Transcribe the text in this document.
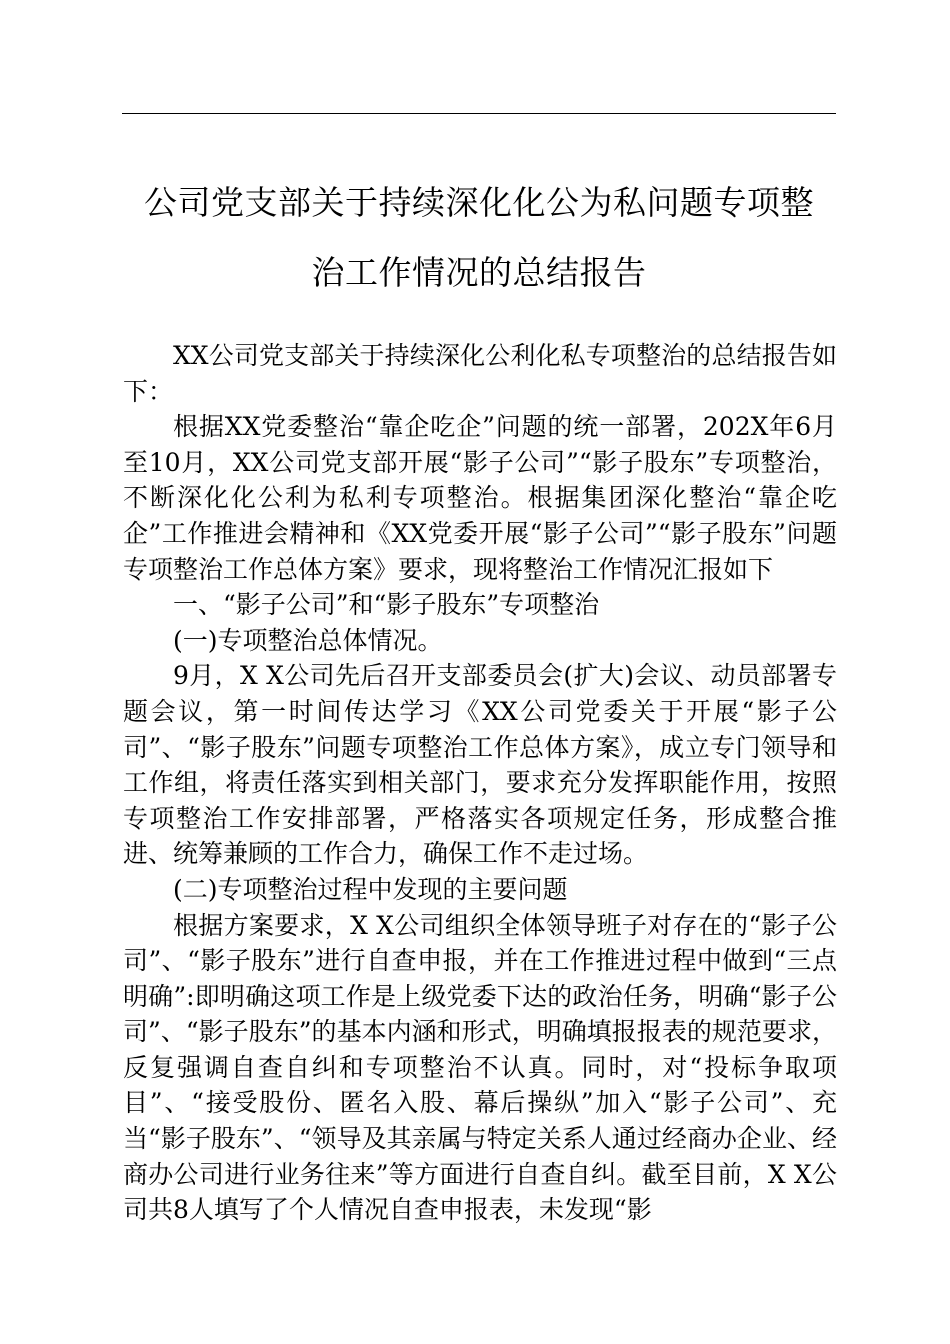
公司党支部关于持续深化化公为私问题专项整
治工作情况的总结报告

XX公司党支部关于持续深化公利化私专项整治的总结报告如下：

根据XX党委整治“靠企吃企”问题的统一部署，202X年6月至10月，XX公司党支部开展“影子公司”“影子股东”专项整治，不断深化化公利为私利专项整治。根据集团深化整治“靠企吃企”工作推进会精神和《XX党委开展“影子公司”“影子股东”问题专项整治工作总体方案》要求，现将整治工作情况汇报如下

一、“影子公司”和“影子股东”专项整治

(一)专项整治总体情况。

9月，X X公司先后召开支部委员会(扩大)会议、动员部署专题会议，第一时间传达学习《XX公司党委关于开展“影子公司”、“影子股东”问题专项整治工作总体方案》，成立专门领导和工作组，将责任落实到相关部门，要求充分发挥职能作用，按照专项整治工作安排部署，严格落实各项规定任务，形成整合推进、统筹兼顾的工作合力，确保工作不走过场。

(二)专项整治过程中发现的主要问题

根据方案要求，X X公司组织全体领导班子对存在的“影子公司”、“影子股东”进行自查申报，并在工作推进过程中做到“三点明确”:即明确这项工作是上级党委下达的政治任务，明确“影子公司”、“影子股东”的基本内涵和形式，明确填报报表的规范要求，反复强调自查自纠和专项整治不认真。同时，对“投标争取项目”、“接受股份、匿名入股、幕后操纵”加入“影子公司”、充当“影子股东”、“领导及其亲属与特定关系人通过经商办企业、经商办公司进行业务往来”等方面进行自查自纠。截至目前，X X公司共8人填写了个人情况自查申报表，未发现“影
